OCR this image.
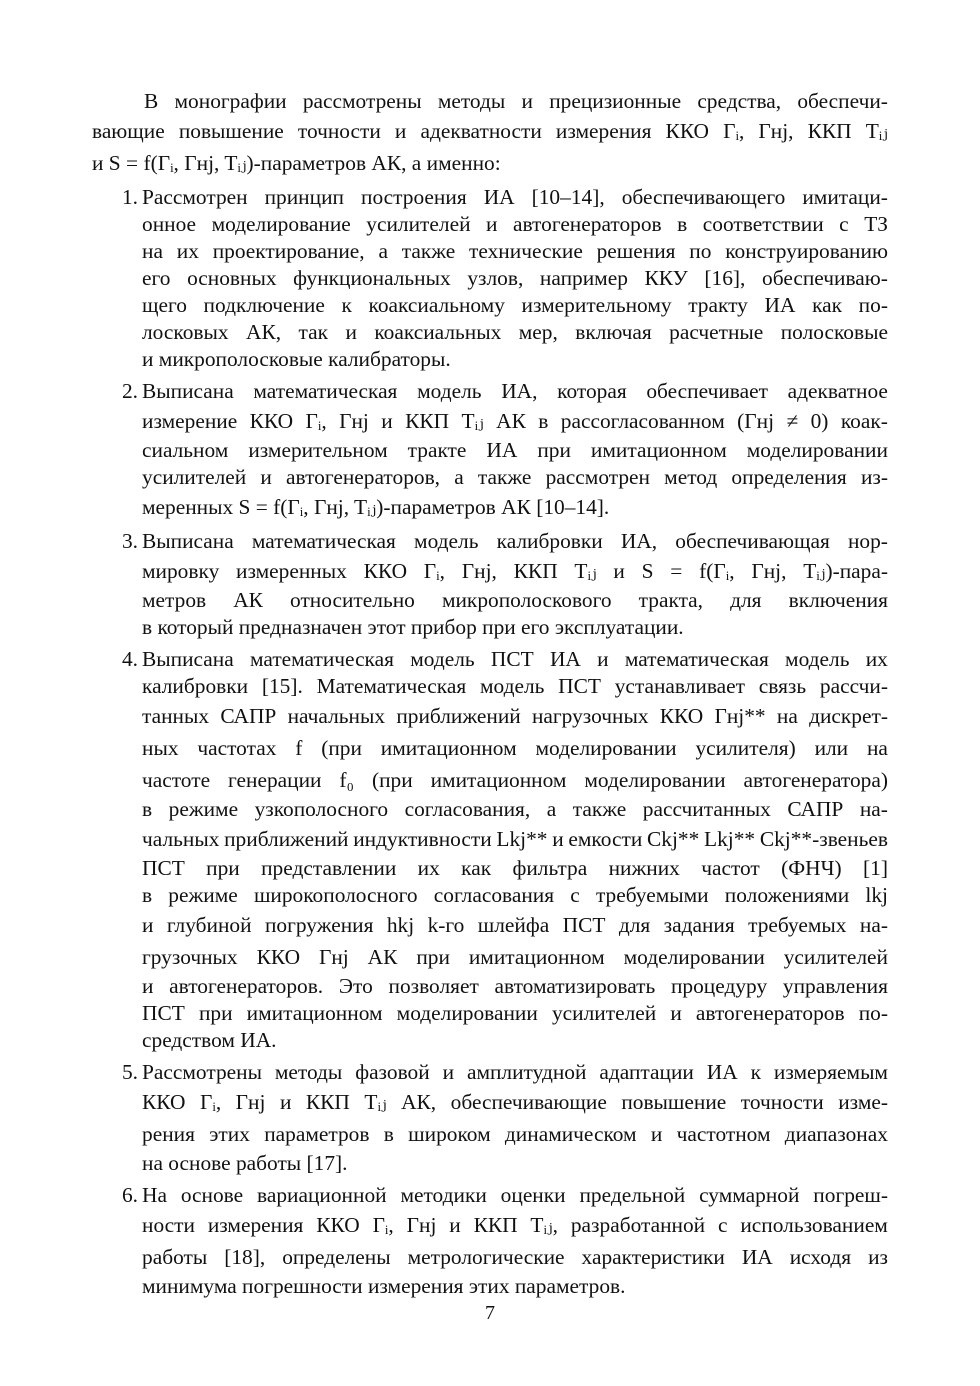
В монографии рассмотрены методы и прецизионные средства, обеспечи-
вающие повышение точности и адекватности измерения ККО Γᵢ, Γнj, ККП Tᵢⱼ
и S = f(Γᵢ, Γнj, Tᵢⱼ)-параметров АК, а именно:
1. Рассмотрен принцип построения ИА [10–14], обеспечивающего имитаци-
онное моделирование усилителей и автогенераторов в соответствии с ТЗ
на их проектирование, а также технические решения по конструированию
его основных функциональных узлов, например ККУ [16], обеспечиваю-
щего подключение к коаксиальному измерительному тракту ИА как по-
лосковых АК, так и коаксиальных мер, включая расчетные полосковые
и микрополосковые калибраторы.
2. Выписана математическая модель ИА, которая обеспечивает адекватное
измерение ККО Γᵢ, Γнj и ККП Tᵢⱼ АК в рассогласованном (Γнj ≠ 0) коак-
сиальном измерительном тракте ИА при имитационном моделировании
усилителей и автогенераторов, а также рассмотрен метод определения из-
меренных S = f(Γᵢ, Γнj, Tᵢⱼ)-параметров АК [10–14].
3. Выписана математическая модель калибровки ИА, обеспечивающая нор-
мировку измеренных ККО Γᵢ, Γнj, ККП Tᵢⱼ и S = f(Γᵢ, Γнj, Tᵢⱼ)-пара-
метров АК относительно микрополоскового тракта, для включения
в который предназначен этот прибор при его эксплуатации.
4. Выписана математическая модель ПСТ ИА и математическая модель их
калибровки [15]. Математическая модель ПСТ устанавливает связь рассчи-
танных САПР начальных приближений нагрузочных ККО Γнj** на дискрет-
ных частотах f (при имитационном моделировании усилителя) или на
частоте генерации f₀ (при имитационном моделировании автогенератора)
в режиме узкополосного согласования, а также рассчитанных САПР на-
чальных приближений индуктивности Lkj** и емкости Ckj** Lkj** Ckj**-звеньев
ПСТ при представлении их как фильтра нижних частот (ФНЧ) [1]
в режиме широкополосного согласования с требуемыми положениями lkj
и глубиной погружения hkj k-го шлейфа ПСТ для задания требуемых на-
грузочных ККО Γнj АК при имитационном моделировании усилителей
и автогенераторов. Это позволяет автоматизировать процедуру управления
ПСТ при имитационном моделировании усилителей и автогенераторов по-
средством ИА.
5. Рассмотрены методы фазовой и амплитудной адаптации ИА к измеряемым
ККО Γᵢ, Γнj и ККП Tᵢⱼ АК, обеспечивающие повышение точности изме-
рения этих параметров в широком динамическом и частотном диапазонах
на основе работы [17].
6. На основе вариационной методики оценки предельной суммарной погреш-
ности измерения ККО Γᵢ, Γнj и ККП Tᵢⱼ, разработанной с использованием
работы [18], определены метрологические характеристики ИА исходя из
минимума погрешности измерения этих параметров.
7
